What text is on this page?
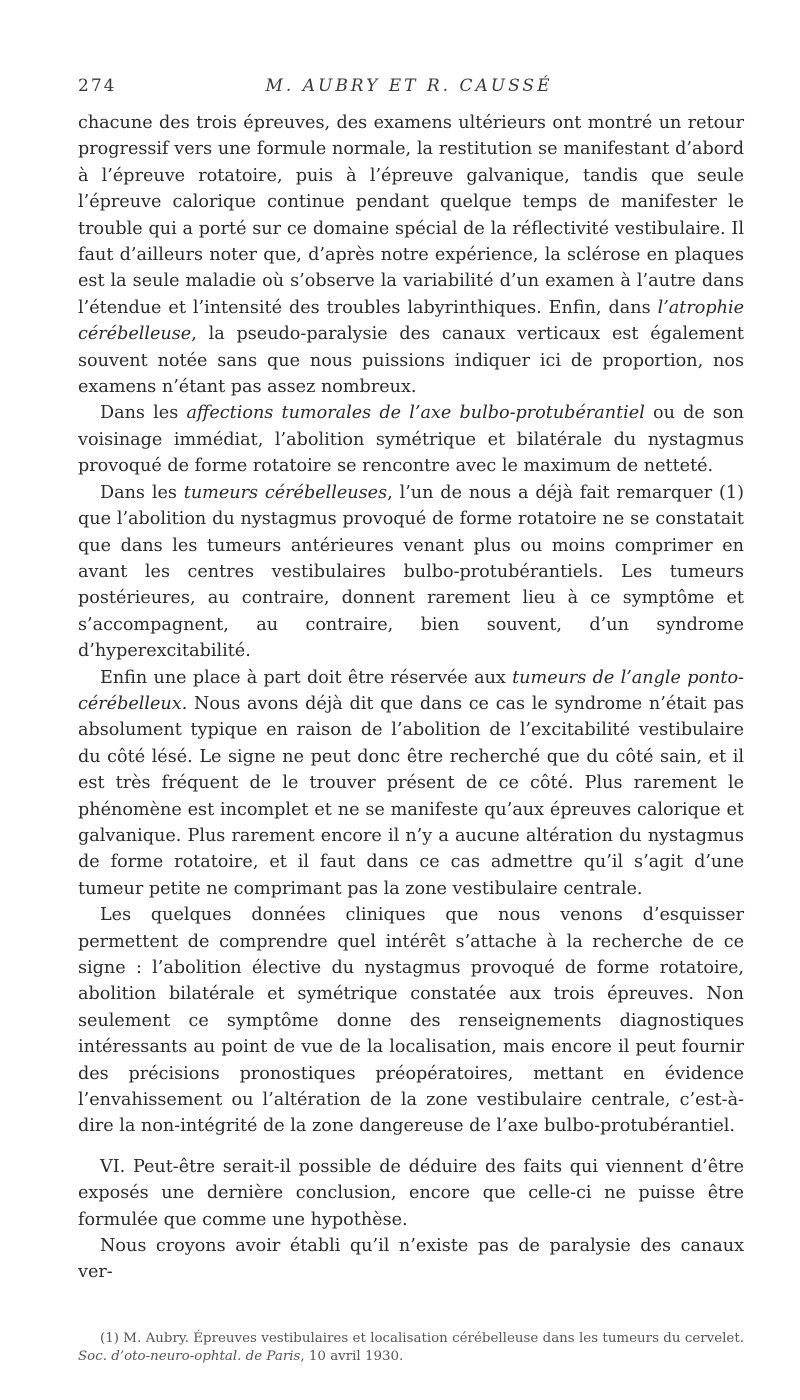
274	M. AUBRY ET R. CAUSSÉ

chacune des trois épreuves, des examens ultérieurs ont montré un retour progressif vers une formule normale, la restitution se manifestant d’abord à l’épreuve rotatoire, puis à l’épreuve galvanique, tandis que seule l’épreuve calorique continue pendant quelque temps de manifester le trouble qui a porté sur ce domaine spécial de la réflectivité vestibulaire. Il faut d’ailleurs noter que, d’après notre expérience, la sclérose en plaques est la seule maladie où s’observe la variabilité d’un examen à l’autre dans l’étendue et l’intensité des troubles labyrinthiques. Enfin, dans l’atrophie cérébelleuse, la pseudo-paralysie des canaux verticaux est également souvent notée sans que nous puissions indiquer ici de proportion, nos examens n’étant pas assez nombreux.

Dans les affections tumorales de l’axe bulbo-protubérantiel ou de son voisinage immédiat, l’abolition symétrique et bilatérale du nystagmus provoqué de forme rotatoire se rencontre avec le maximum de netteté.

Dans les tumeurs cérébelleuses, l’un de nous a déjà fait remarquer (1) que l’abolition du nystagmus provoqué de forme rotatoire ne se constatait que dans les tumeurs antérieures venant plus ou moins comprimer en avant les centres vestibulaires bulbo-protubérantiels. Les tumeurs postérieures, au contraire, donnent rarement lieu à ce symptôme et s’accompagnent, au contraire, bien souvent, d’un syndrome d’hyperexcitabilité.

Enfin une place à part doit être réservée aux tumeurs de l’angle ponto-cérébelleux. Nous avons déjà dit que dans ce cas le syndrome n’était pas absolument typique en raison de l’abolition de l’excitabilité vestibulaire du côté lésé. Le signe ne peut donc être recherché que du côté sain, et il est très fréquent de le trouver présent de ce côté. Plus rarement le phénomène est incomplet et ne se manifeste qu’aux épreuves calorique et galvanique. Plus rarement encore il n’y a aucune altération du nystagmus de forme rotatoire, et il faut dans ce cas admettre qu’il s’agit d’une tumeur petite ne comprimant pas la zone vestibulaire centrale.

Les quelques données cliniques que nous venons d’esquisser permettent de comprendre quel intérêt s’attache à la recherche de ce signe : l’abolition élective du nystagmus provoqué de forme rotatoire, abolition bilatérale et symétrique constatée aux trois épreuves. Non seulement ce symptôme donne des renseignements diagnostiques intéressants au point de vue de la localisation, mais encore il peut fournir des précisions pronostiques préopératoires, mettant en évidence l’envahissement ou l’altération de la zone vestibulaire centrale, c’est-à-dire la non-intégrité de la zone dangereuse de l’axe bulbo-protubérantiel.

VI. Peut-être serait-il possible de déduire des faits qui viennent d’être exposés une dernière conclusion, encore que celle-ci ne puisse être formulée que comme une hypothèse.

Nous croyons avoir établi qu’il n’existe pas de paralysie des canaux ver-

(1) M. Aubry. Épreuves vestibulaires et localisation cérébelleuse dans les tumeurs du cervelet. Soc. d’oto-neuro-ophtal. de Paris, 10 avril 1930.
